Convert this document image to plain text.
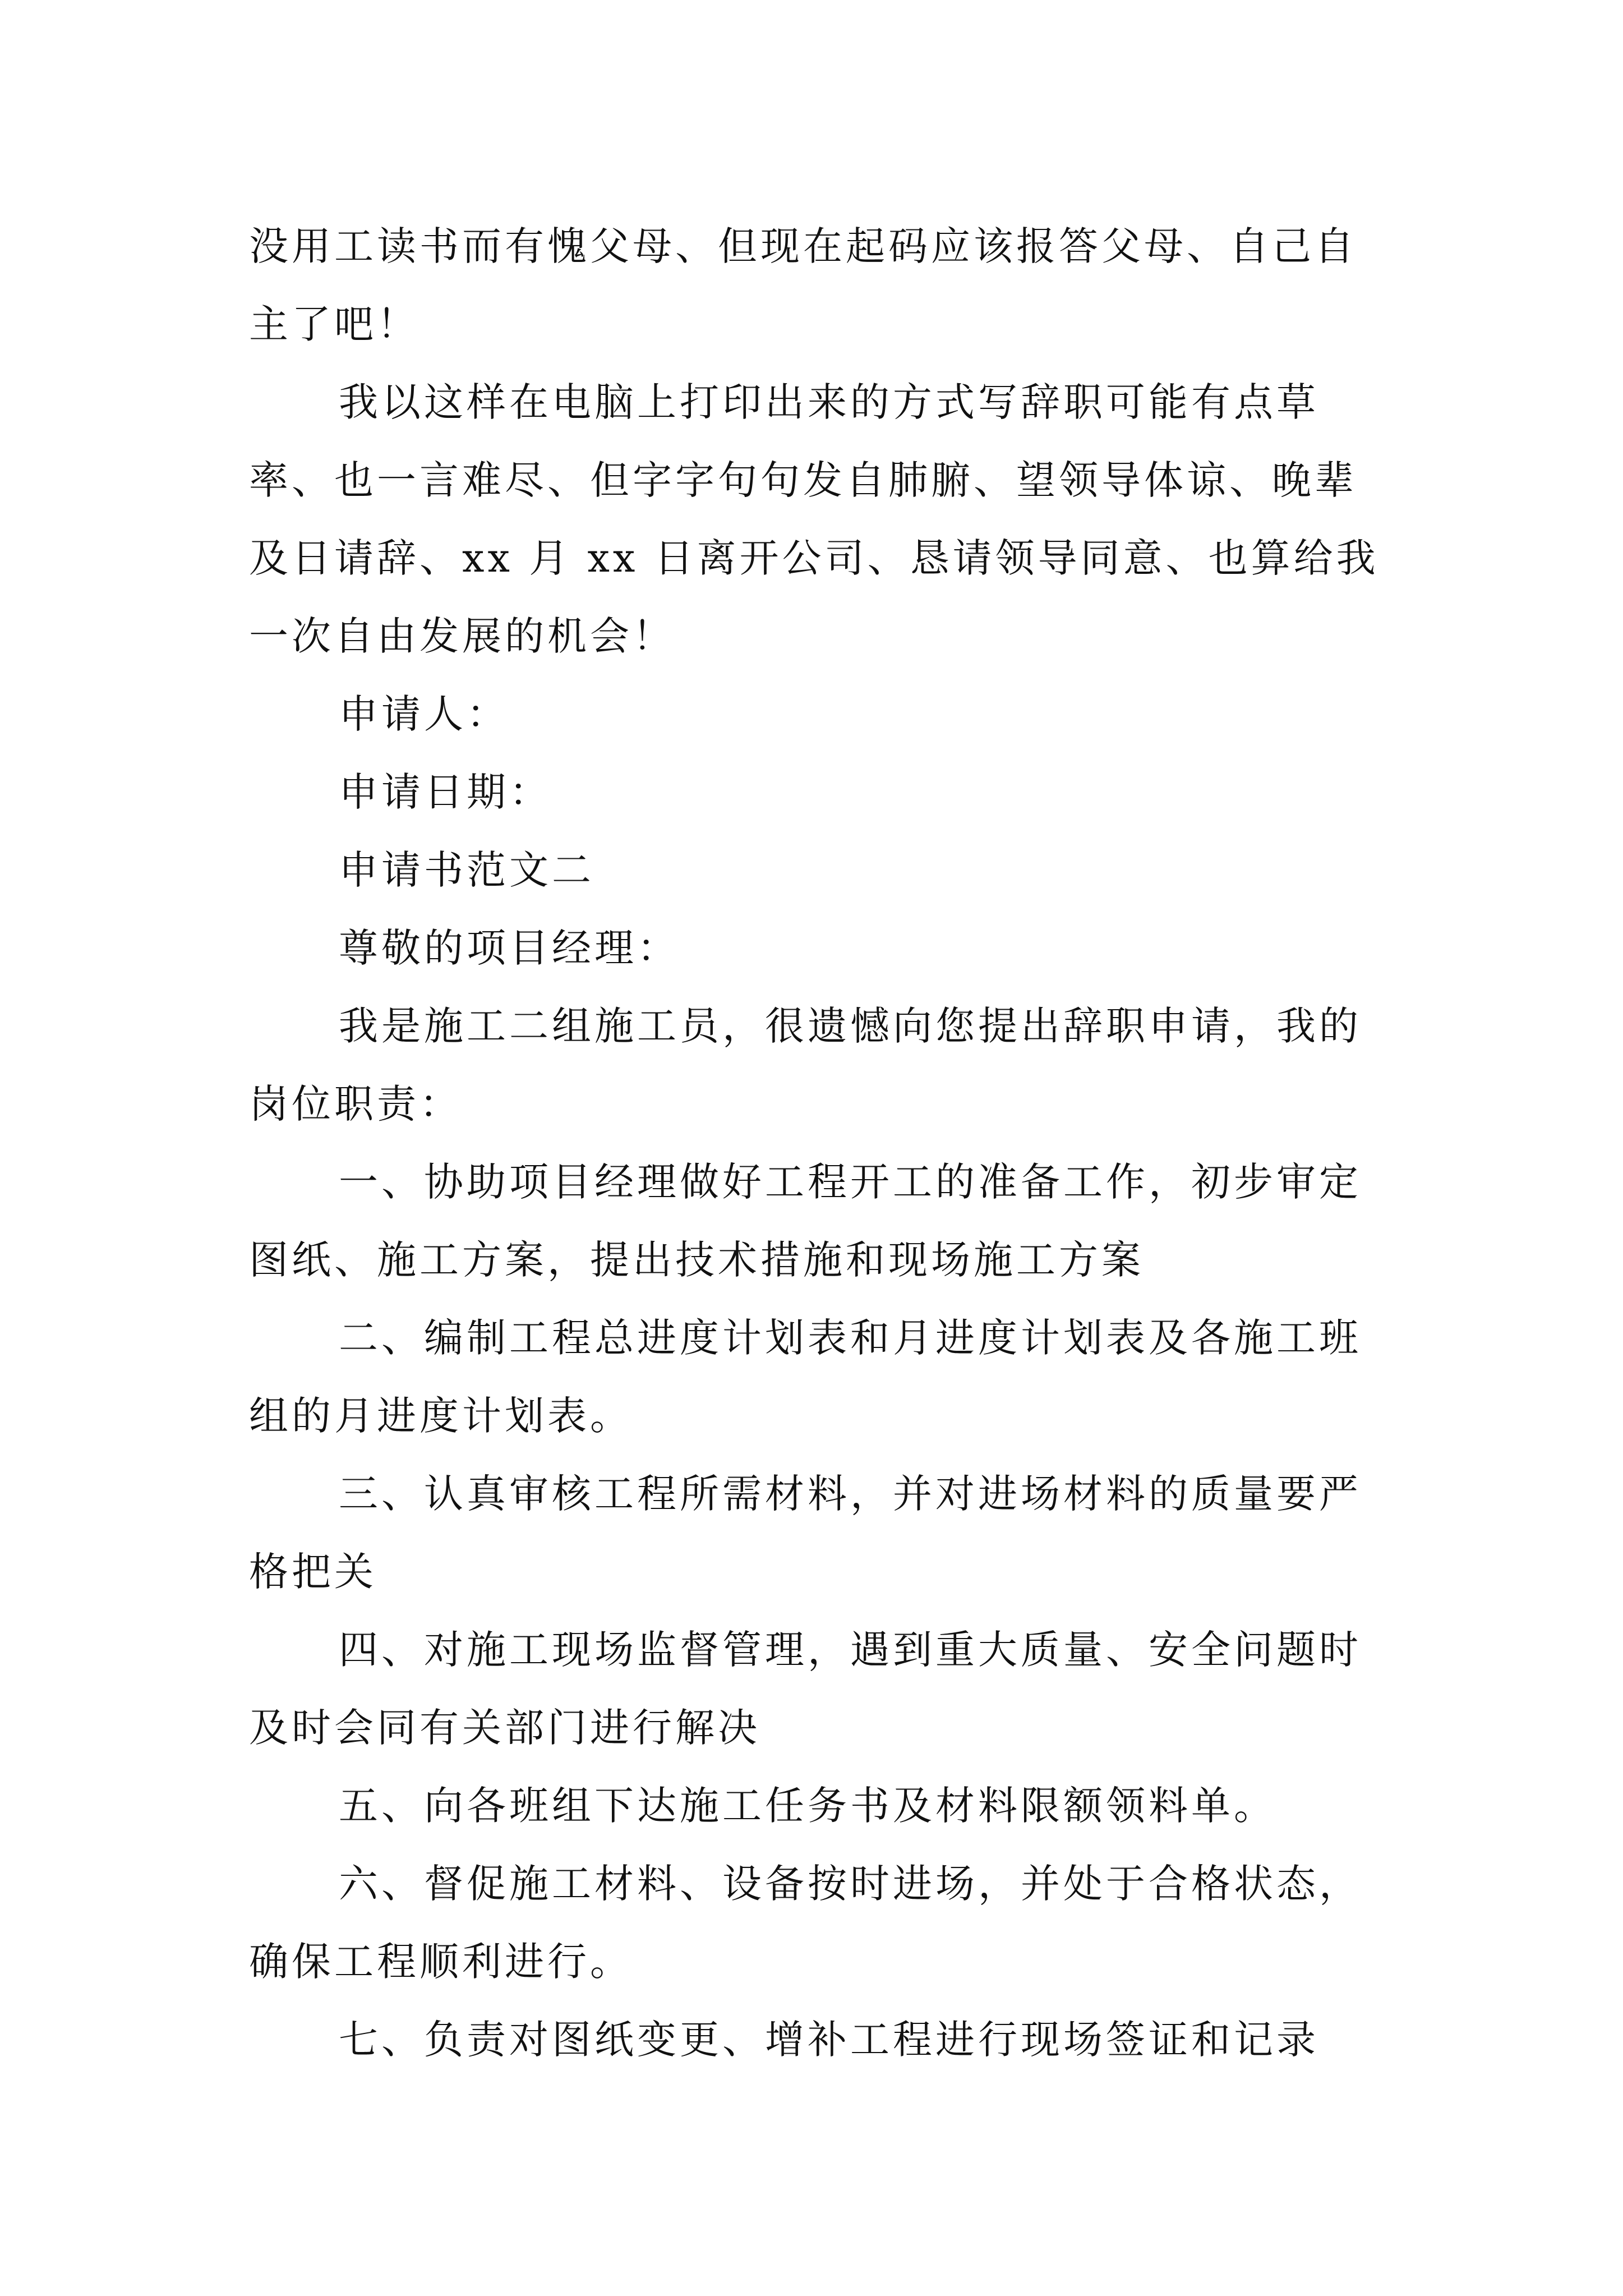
没用工读书而有愧父母、但现在起码应该报答父母、自己自
主了吧！
我以这样在电脑上打印出来的方式写辞职可能有点草
率、也一言难尽、但字字句句发自肺腑、望领导体谅、晚辈
及日请辞、xx 月 xx 日离开公司、恳请领导同意、也算给我
一次自由发展的机会！
申请人：
申请日期：
申请书范文二
尊敬的项目经理：
我是施工二组施工员，很遗憾向您提出辞职申请，我的
岗位职责：
一、协助项目经理做好工程开工的准备工作，初步审定
图纸、施工方案，提出技术措施和现场施工方案
二、编制工程总进度计划表和月进度计划表及各施工班
组的月进度计划表。
三、认真审核工程所需材料，并对进场材料的质量要严
格把关
四、对施工现场监督管理，遇到重大质量、安全问题时
及时会同有关部门进行解决
五、向各班组下达施工任务书及材料限额领料单。
六、督促施工材料、设备按时进场，并处于合格状态，
确保工程顺利进行。
七、负责对图纸变更、增补工程进行现场签证和记录
